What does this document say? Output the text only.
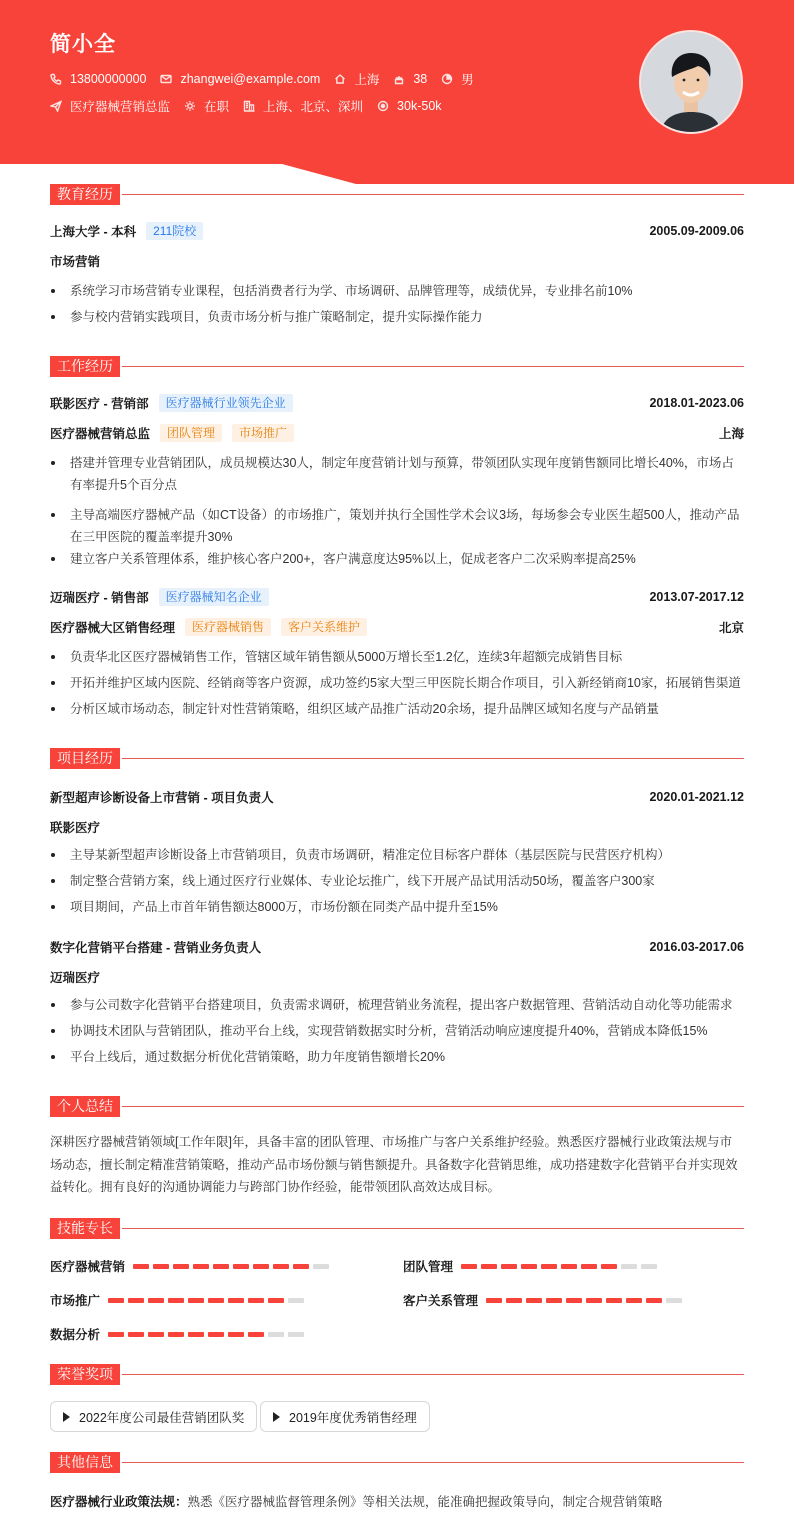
简小全
13800000000	zhangwei@example.com	上海	38	男
医疗器械营销总监	在职	上海、北京、深圳	30k-50k
教育经历
上海大学 - 本科	211院校	2005.09-2009.06
市场营销
系统学习市场营销专业课程，包括消费者行为学、市场调研、品牌管理等，成绩优异，专业排名前10%
参与校内营销实践项目，负责市场分析与推广策略制定，提升实际操作能力
工作经历
联影医疗 - 营销部	医疗器械行业领先企业	2018.01-2023.06
医疗器械营销总监	团队管理	市场推广	上海
搭建并管理专业营销团队，成员规模达30人，制定年度营销计划与预算，带领团队实现年度销售额同比增长40%，市场占有率提升5个百分点
主导高端医疗器械产品（如CT设备）的市场推广，策划并执行全国性学术会议3场，每场参会专业医生超500人，推动产品在三甲医院的覆盖率提升30%
建立客户关系管理体系，维护核心客户200+，客户满意度达95%以上，促成老客户二次采购率提高25%
迈瑞医疗 - 销售部	医疗器械知名企业	2013.07-2017.12
医疗器械大区销售经理	医疗器械销售	客户关系维护	北京
负责华北区医疗器械销售工作，管辖区域年销售额从5000万增长至1.2亿，连续3年超额完成销售目标
开拓并维护区域内医院、经销商等客户资源，成功签约5家大型三甲医院长期合作项目，引入新经销商10家，拓展销售渠道
分析区域市场动态，制定针对性营销策略，组织区域产品推广活动20余场，提升品牌区域知名度与产品销量
项目经历
新型超声诊断设备上市营销 - 项目负责人	2020.01-2021.12
联影医疗
主导某新型超声诊断设备上市营销项目，负责市场调研，精准定位目标客户群体（基层医院与民营医疗机构）
制定整合营销方案，线上通过医疗行业媒体、专业论坛推广，线下开展产品试用活动50场，覆盖客户300家
项目期间，产品上市首年销售额达8000万，市场份额在同类产品中提升至15%
数字化营销平台搭建 - 营销业务负责人	2016.03-2017.06
迈瑞医疗
参与公司数字化营销平台搭建项目，负责需求调研，梳理营销业务流程，提出客户数据管理、营销活动自动化等功能需求
协调技术团队与营销团队，推动平台上线，实现营销数据实时分析，营销活动响应速度提升40%，营销成本降低15%
平台上线后，通过数据分析优化营销策略，助力年度销售额增长20%
个人总结
深耕医疗器械营销领域[工作年限]年，具备丰富的团队管理、市场推广与客户关系维护经验。熟悉医疗器械行业政策法规与市场动态，擅长制定精准营销策略，推动产品市场份额与销售额提升。具备数字化营销思维，成功搭建数字化营销平台并实现效益转化。拥有良好的沟通协调能力与跨部门协作经验，能带领团队高效达成目标。
技能专长
医疗器械营销	团队管理
市场推广	客户关系管理
数据分析
荣誉奖项
2022年度公司最佳营销团队奖	2019年度优秀销售经理
其他信息
医疗器械行业政策法规： 熟悉《医疗器械监督管理条例》等相关法规，能准确把握政策导向，制定合规营销策略
